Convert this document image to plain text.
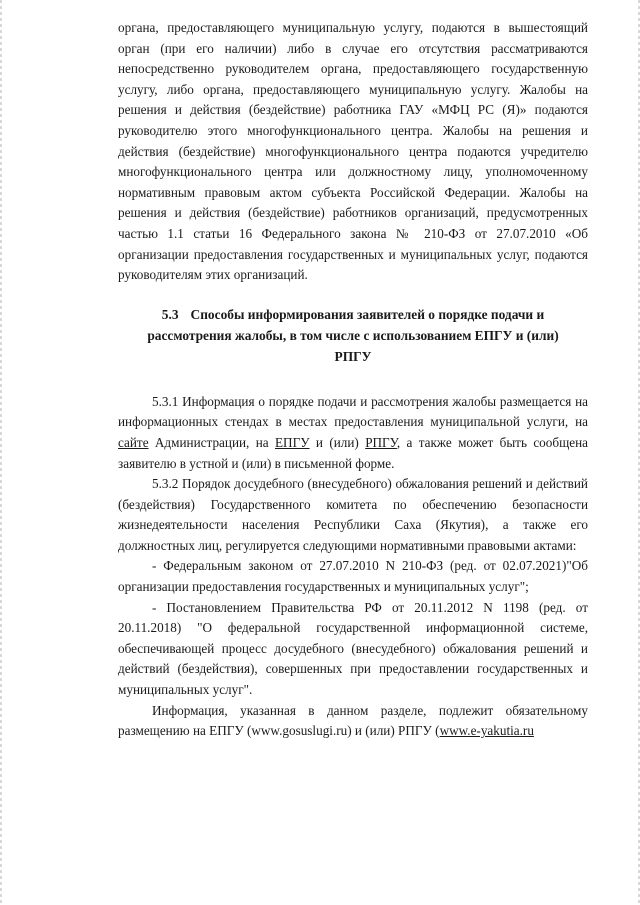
органа, предоставляющего муниципальную услугу, подаются в вышестоящий орган (при его наличии) либо в случае его отсутствия рассматриваются непосредственно руководителем органа, предоставляющего государственную услугу, либо органа, предоставляющего муниципальную услугу. Жалобы на решения и действия (бездействие) работника ГАУ «МФЦ РС (Я)» подаются руководителю этого многофункционального центра. Жалобы на решения и действия (бездействие) многофункционального центра подаются учредителю многофункционального центра или должностному лицу, уполномоченному нормативным правовым актом субъекта Российской Федерации. Жалобы на решения и действия (бездействие) работников организаций, предусмотренных частью 1.1 статьи 16 Федерального закона № 210-ФЗ от 27.07.2010 «Об организации предоставления государственных и муниципальных услуг, подаются руководителям этих организаций.

5.3 Способы информирования заявителей о порядке подачи и
рассмотрения жалобы, в том числе с использованием ЕПГУ и (или)
РПГУ

5.3.1 Информация о порядке подачи и рассмотрения жалобы размещается на информационных стендах в местах предоставления муниципальной услуги, на сайте Администрации, на ЕПГУ и (или) РПГУ, а также может быть сообщена заявителю в устной и (или) в письменной форме.

5.3.2 Порядок досудебного (внесудебного) обжалования решений и действий (бездействия) Государственного комитета по обеспечению безопасности жизнедеятельности населения Республики Саха (Якутия), а также его должностных лиц, регулируется следующими нормативными правовыми актами:

- Федеральным законом от 27.07.2010 N 210-ФЗ (ред. от 02.07.2021)"Об организации предоставления государственных и муниципальных услуг";

- Постановлением Правительства РФ от 20.11.2012 N 1198 (ред. от 20.11.2018) "О федеральной государственной информационной системе, обеспечивающей процесс досудебного (внесудебного) обжалования решений и действий (бездействия), совершенных при предоставлении государственных и муниципальных услуг".

Информация, указанная в данном разделе, подлежит обязательному размещению на ЕПГУ (www.gosuslugi.ru) и (или) РПГУ (www.e-yakutia.ru
